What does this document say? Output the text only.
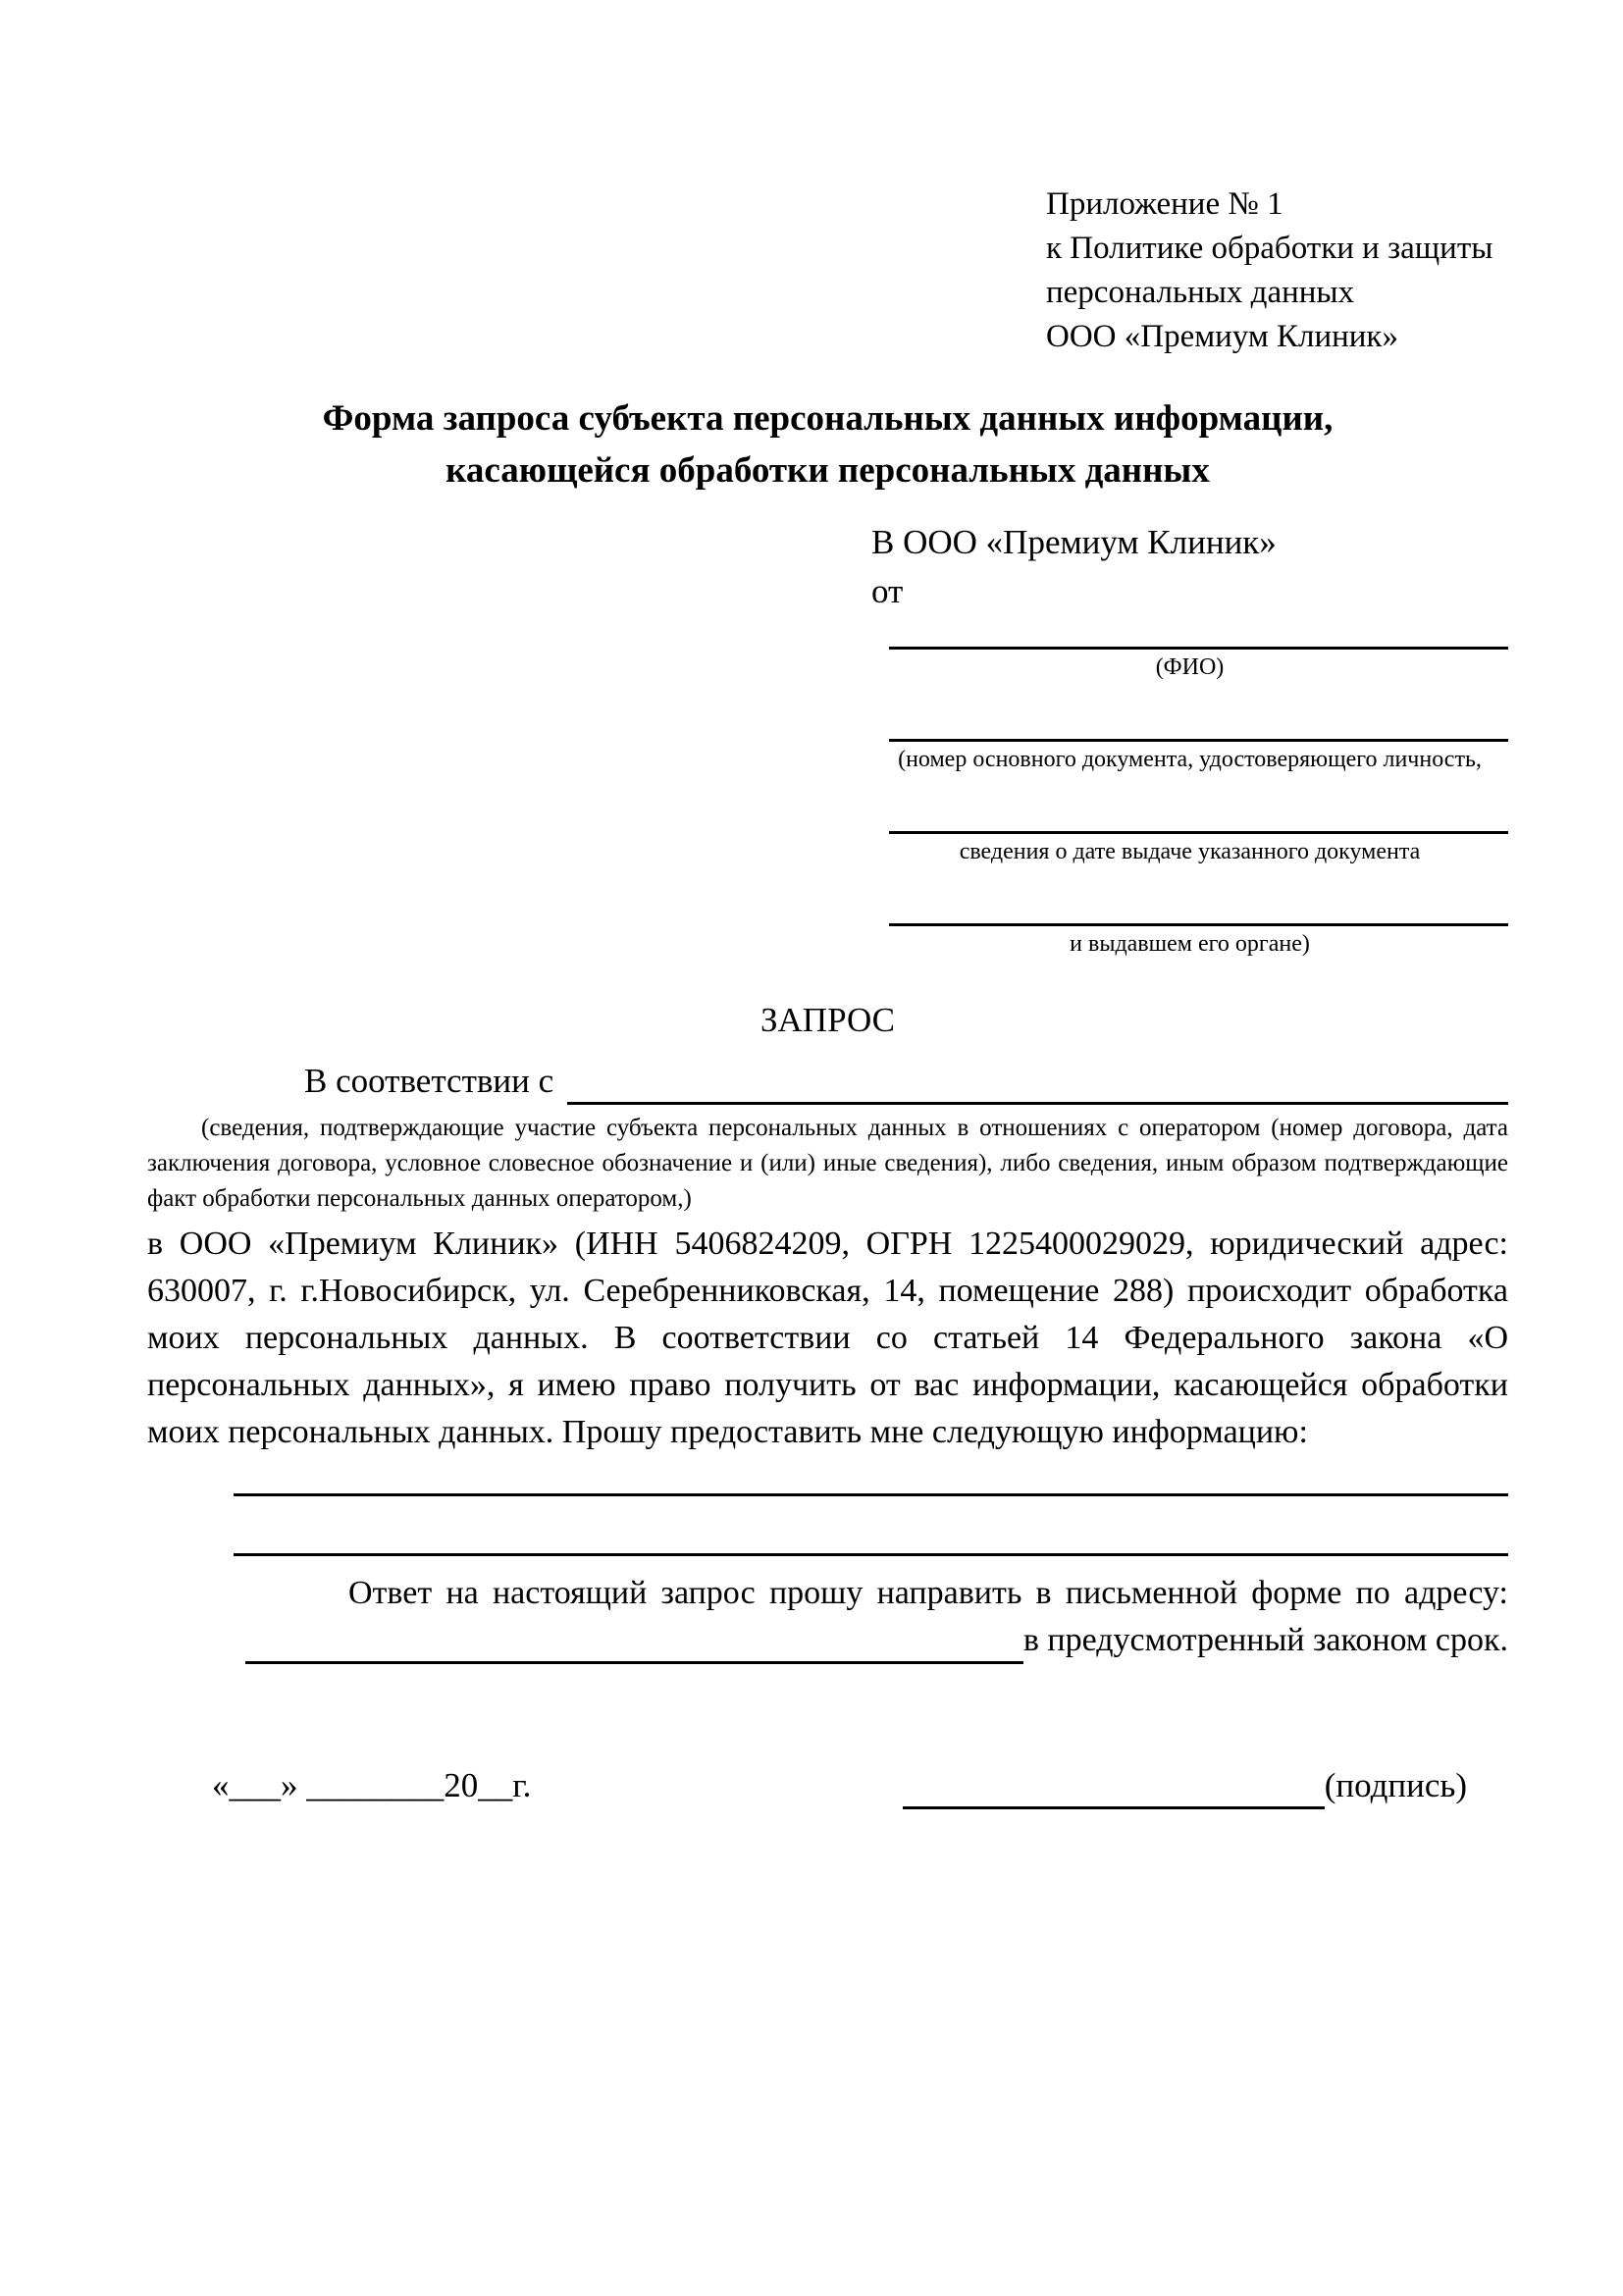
Приложение № 1
к Политике обработки и защиты
персональных данных
ООО «Премиум Клиник»
Форма запроса субъекта персональных данных информации, касающейся обработки персональных данных
В ООО «Премиум Клиник»
от
(ФИО)
(номер основного документа, удостоверяющего личность,
сведения о дате выдаче указанного документа
и выдавшем его органе)
ЗАПРОС
В соответствии с

(сведения, подтверждающие участие субъекта персональных данных в отношениях с оператором (номер договора, дата заключения договора, условное словесное обозначение и (или) иные сведения), либо сведения, иным образом подтверждающие факт обработки персональных данных оператором,)

в ООО «Премиум Клиник» (ИНН 5406824209, ОГРН 1225400029029, юридический адрес: 630007, г. г.Новосибирск, ул. Серебренниковская, 14, помещение 288) происходит обработка моих персональных данных. В соответствии со статьей 14 Федерального закона «О персональных данных», я имею право получить от вас информации, касающейся обработки моих персональных данных. Прошу предоставить мне следующую информацию:

Ответ на настоящий запрос прошу направить в письменной форме по адресу:

в предусмотренный законом срок.
«___» ________20__г.	(подпись)
